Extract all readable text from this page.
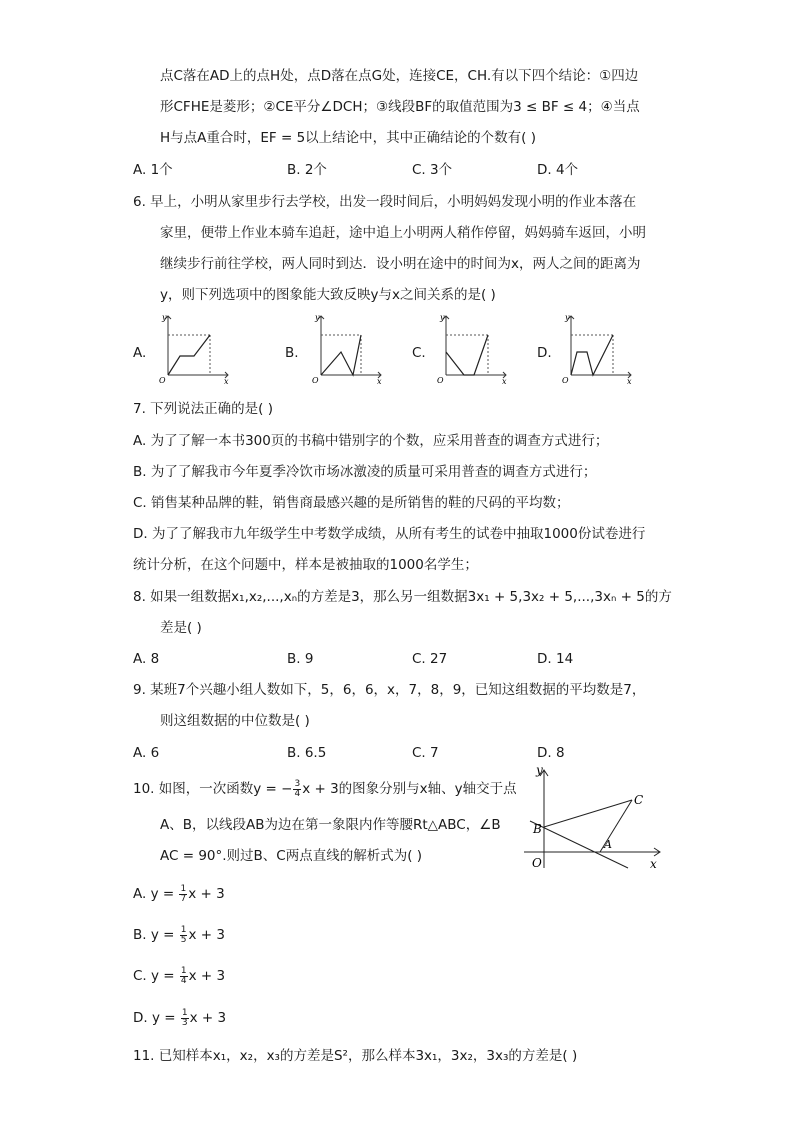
点C落在AD上的点H处，点D落在点G处，连接CE，CH.有以下四个结论：①四边
形CFHE是菱形；②CE平分∠DCH；③线段BF的取值范围为3 ≤ BF ≤ 4；④当点
H与点A重合时，EF = 5以上结论中，其中正确结论的个数有( )
A. 1个	B. 2个	C. 3个	D. 4个
6. 早上，小明从家里步行去学校，出发一段时间后，小明妈妈发现小明的作业本落在
家里，便带上作业本骑车追赶，途中追上小明两人稍作停留，妈妈骑车返回，小明
继续步行前往学校，两人同时到达．设小明在途中的时间为x，两人之间的距离为
y，则下列选项中的图象能大致反映y与x之间关系的是( )
A.	B.	C.	D.
y
x
O
y
x
O
y
x
O
y
x
O
7. 下列说法正确的是( )
A. 为了了解一本书300页的书稿中错别字的个数，应采用普查的调查方式进行；
B. 为了了解我市今年夏季冷饮市场冰激凌的质量可采用普查的调查方式进行；
C. 销售某种品牌的鞋，销售商最感兴趣的是所销售的鞋的尺码的平均数；
D. 为了了解我市九年级学生中考数学成绩，从所有考生的试卷中抽取1000份试卷进行
统计分析，在这个问题中，样本是被抽取的1000名学生；
8. 如果一组数据x₁,x₂,...,xₙ的方差是3，那么另一组数据3x₁ + 5,3x₂ + 5,...,3xₙ + 5的方
差是( )
A. 8	B. 9	C. 27	D. 14
9. 某班7个兴趣小组人数如下，5，6，6，x，7，8，9，已知这组数据的平均数是7，
则这组数据的中位数是( )
A. 6	B. 6.5	C. 7	D. 8
10. 如图，一次函数y = − $\frac{3}{4}$ x + 3的图象分别与x轴、y轴交于点
A、B，以线段AB为边在第一象限内作等腰Rt△ABC，∠B
AC = 90°.则过B、C两点直线的解析式为( )
y
x
O
A
B
C
A. $y = \frac{1}{7}$ x + 3
B. $y = \frac{1}{5}$ x + 3
C. $y = \frac{1}{4}$ x + 3
D. $y = \frac{1}{3}$ x + 3
11. 已知样本x₁，x₂，x₃的方差是S²，那么样本3x₁，3x₂，3x₃的方差是( )
